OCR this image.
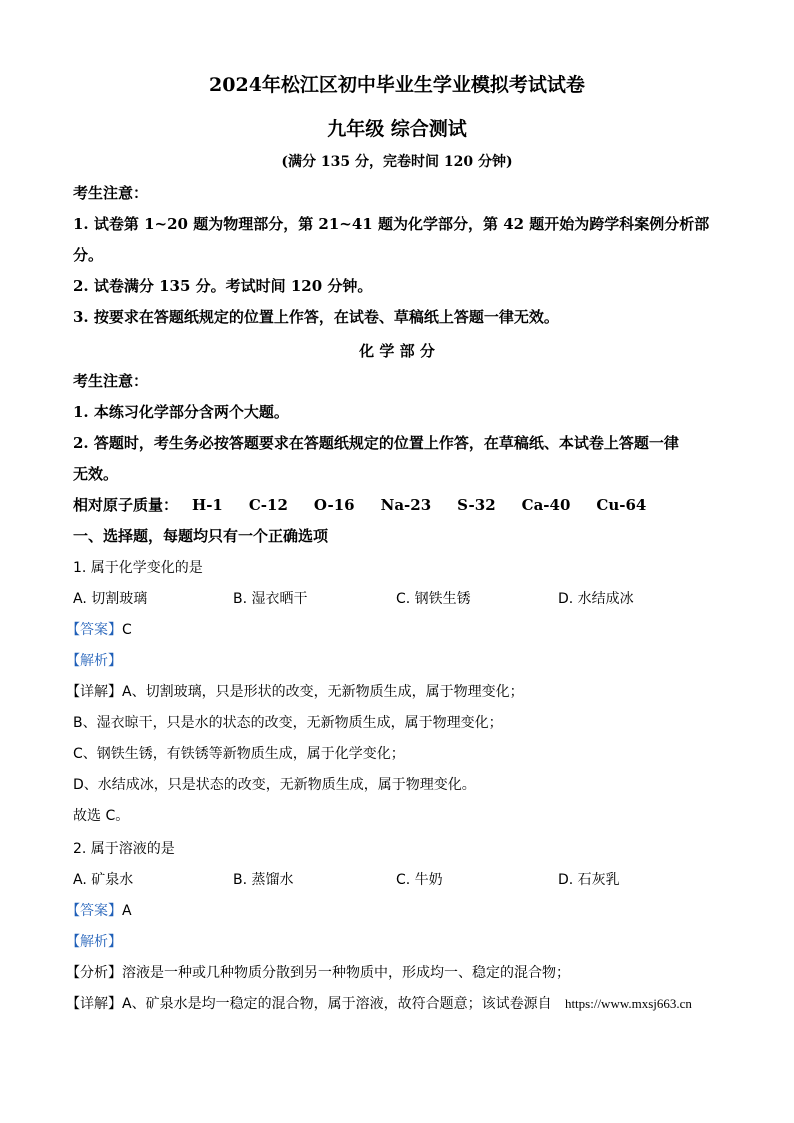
2024年松江区初中毕业生学业模拟考试试卷
九年级 综合测试
(满分 135 分，完卷时间 120 分钟)
考生注意：
1. 试卷第 1~20 题为物理部分，第 21~41 题为化学部分，第 42 题开始为跨学科案例分析部
分。
2. 试卷满分 135 分。考试时间 120 分钟。
3. 按要求在答题纸规定的位置上作答，在试卷、草稿纸上答题一律无效。
化 学 部 分
考生注意：
1. 本练习化学部分含两个大题。
2. 答题时，考生务必按答题要求在答题纸规定的位置上作答，在草稿纸、本试卷上答题一律
无效。
相对原子质量： H-1 C-12 O-16 Na-23 S-32 Ca-40 Cu-64
一、选择题，每题均只有一个正确选项
1. 属于化学变化的是
A. 切割玻璃	B. 湿衣晒干	C. 钢铁生锈	D. 水结成冰
【答案】C
【解析】
【详解】A、切割玻璃，只是形状的改变，无新物质生成，属于物理变化；
B、湿衣晾干，只是水的状态的改变，无新物质生成，属于物理变化；
C、钢铁生锈，有铁锈等新物质生成，属于化学变化；
D、水结成冰，只是状态的改变，无新物质生成，属于物理变化。
故选 C。
2. 属于溶液的是
A. 矿泉水	B. 蒸馏水	C. 牛奶	D. 石灰乳
【答案】A
【解析】
【分析】溶液是一种或几种物质分散到另一种物质中，形成均一、稳定的混合物；
【详解】A、矿泉水是均一稳定的混合物，属于溶液，故符合题意；该试卷源自 https://www.mxsj663.cn
